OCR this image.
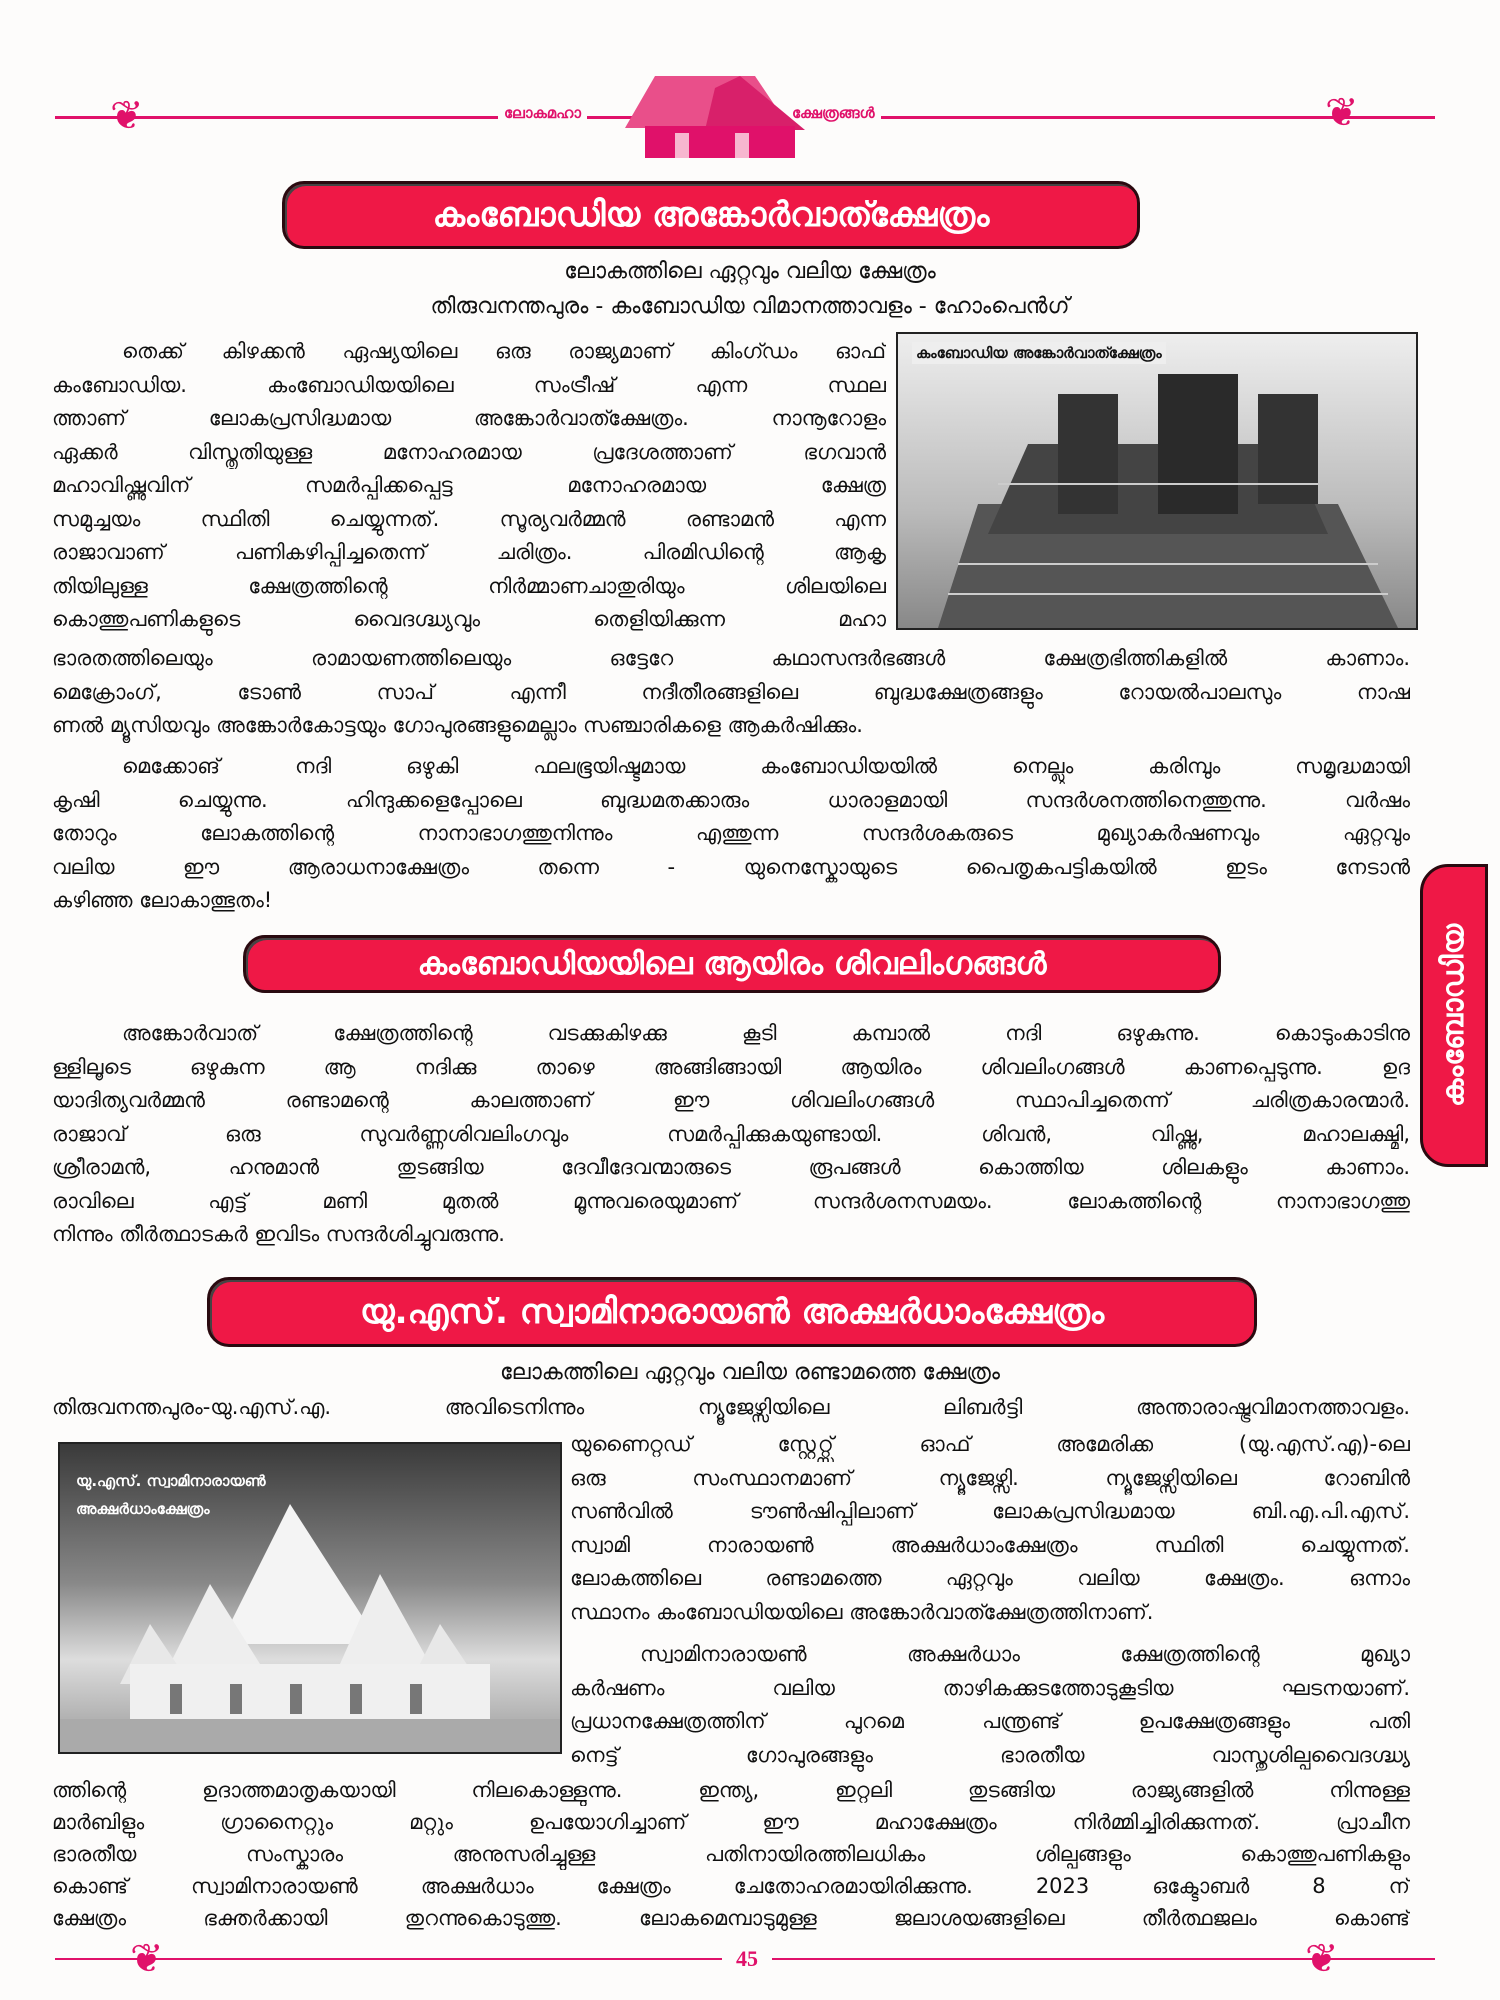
❦	❦
ലോകമഹാ	ക്ഷേത്രങ്ങൾ
കംബോഡിയ അങ്കോർവാത്ക്ഷേത്രം
ലോകത്തിലെ ഏറ്റവും വലിയ ക്ഷേത്രം
തിരുവനന്തപുരം - കംബോഡിയ വിമാനത്താവളം - ഹോംപെൻഗ്
കംബോഡിയ അങ്കോർവാത്ക്ഷേത്രം
തെക്ക് കിഴക്കൻ ഏഷ്യയിലെ ഒരു രാജ്യമാണ് കിംഗ്ഡം ഓഫ്
കംബോഡിയ. കംബോഡിയയിലെ സംട്രീഷ് എന്ന സ്ഥല
ത്താണ് ലോകപ്രസിദ്ധമായ അങ്കോർവാത്ക്ഷേത്രം. നാനൂറോളം
ഏക്കർ വിസ്തൃതിയുള്ള മനോഹരമായ പ്രദേശത്താണ് ഭഗവാൻ
മഹാവിഷ്ണുവിന് സമർപ്പിക്കപ്പെട്ട മനോഹരമായ ക്ഷേത്ര
സമുച്ചയം സ്ഥിതി ചെയ്യുന്നത്. സൂര്യവർമ്മൻ രണ്ടാമൻ എന്ന
രാജാവാണ് പണികഴിപ്പിച്ചതെന്ന് ചരിത്രം. പിരമിഡിന്റെ ആകൃ
തിയിലുള്ള ക്ഷേത്രത്തിന്റെ നിർമ്മാണചാതുരിയും ശിലയിലെ
കൊത്തുപണികളുടെ വൈദഗ്ദ്ധ്യവും തെളിയിക്കുന്ന മഹാ
ഭാരതത്തിലെയും രാമായണത്തിലെയും ഒട്ടേറേ കഥാസന്ദർഭങ്ങൾ ക്ഷേത്രഭിത്തികളിൽ കാണാം.
മെക്രോംഗ്, ടോൺ സാപ് എന്നീ നദീതീരങ്ങളിലെ ബുദ്ധക്ഷേത്രങ്ങളും റോയൽപാലസും നാഷ
ണൽ മ്യൂസിയവും അങ്കോർകോട്ടയും ഗോപുരങ്ങളുമെല്ലാം സഞ്ചാരികളെ ആകർഷിക്കും.
മെക്കോങ് നദി ഒഴുകി ഫലഭൂയിഷ്ടമായ കംബോഡിയയിൽ നെല്ലും കരിമ്പും സമൃദ്ധമായി
കൃഷി ചെയ്യുന്നു. ഹിന്ദുക്കളെപ്പോലെ ബുദ്ധമതക്കാരും ധാരാളമായി സന്ദർശനത്തിനെത്തുന്നു. വർഷം
തോറും ലോകത്തിന്റെ നാനാഭാഗത്തുനിന്നും എത്തുന്ന സന്ദർശകരുടെ മുഖ്യാകർഷണവും ഏറ്റവും
വലിയ ഈ ആരാധനാക്ഷേത്രം തന്നെ - യുനെസ്കോയുടെ പൈതൃകപട്ടികയിൽ ഇടം നേടാൻ
കഴിഞ്ഞ ലോകാത്ഭുതം!
കംബോഡിയയിലെ ആയിരം ശിവലിംഗങ്ങൾ
അങ്കോർവാത് ക്ഷേത്രത്തിന്റെ വടക്കുകിഴക്കു കൂടി കമ്പാൽ നദി ഒഴുകുന്നു. കൊടുംകാടിനു
ള്ളിലൂടെ ഒഴുകുന്ന ആ നദിക്കു താഴെ അങ്ങിങ്ങായി ആയിരം ശിവലിംഗങ്ങൾ കാണപ്പെടുന്നു. ഉദ
യാദിത്യവർമ്മൻ രണ്ടാമന്റെ കാലത്താണ് ഈ ശിവലിംഗങ്ങൾ സ്ഥാപിച്ചതെന്ന് ചരിത്രകാരന്മാർ.
രാജാവ് ഒരു സുവർണ്ണശിവലിംഗവും സമർപ്പിക്കുകയുണ്ടായി. ശിവൻ, വിഷ്ണു, മഹാലക്ഷ്മി,
ശ്രീരാമൻ, ഹനുമാൻ തുടങ്ങിയ ദേവീദേവന്മാരുടെ രൂപങ്ങൾ കൊത്തിയ ശിലകളും കാണാം.
രാവിലെ എട്ട് മണി മുതൽ മൂന്നുവരെയുമാണ് സന്ദർശനസമയം. ലോകത്തിന്റെ നാനാഭാഗത്തു
നിന്നും തീർത്ഥാടകർ ഇവിടം സന്ദർശിച്ചുവരുന്നു.
കംബോഡിയ
യു.എസ്. സ്വാമിനാരായൺ അക്ഷർധാംക്ഷേത്രം
ലോകത്തിലെ ഏറ്റവും വലിയ രണ്ടാമത്തെ ക്ഷേത്രം
തിരുവനന്തപുരം-യു.എസ്.എ. അവിടെനിന്നും ന്യൂജേഴ്സിയിലെ ലിബർട്ടി അന്താരാഷ്ട്രവിമാനത്താവളം.
യു.എസ്. സ്വാമിനാരായൺ
അക്ഷർധാംക്ഷേത്രം
യുണൈറ്റഡ് സ്റ്റേറ്റ്സ് ഓഫ് അമേരിക്ക (യു.എസ്.എ)-ലെ
ഒരു സംസ്ഥാനമാണ് ന്യൂജേഴ്സി. ന്യൂജേഴ്സിയിലെ റോബിൻ
സൺവിൽ ടൗൺഷിപ്പിലാണ് ലോകപ്രസിദ്ധമായ ബി.എ.പി.എസ്.
സ്വാമി നാരായൺ അക്ഷർധാംക്ഷേത്രം സ്ഥിതി ചെയ്യുന്നത്.
ലോകത്തിലെ രണ്ടാമത്തെ ഏറ്റവും വലിയ ക്ഷേത്രം. ഒന്നാം
സ്ഥാനം കംബോഡിയയിലെ അങ്കോർവാത്ക്ഷേത്രത്തിനാണ്.
സ്വാമിനാരായൺ അക്ഷർധാം ക്ഷേത്രത്തിന്റെ മുഖ്യാ
കർഷണം വലിയ താഴികക്കുടത്തോടുകൂടിയ ഘടനയാണ്.
പ്രധാനക്ഷേത്രത്തിന് പുറമെ പന്ത്രണ്ട് ഉപക്ഷേത്രങ്ങളും പതി
നെട്ട് ഗോപുരങ്ങളും ഭാരതീയ വാസ്തുശില്പവൈദഗ്ദ്ധ്യ
ത്തിന്റെ ഉദാത്തമാതൃകയായി നിലകൊള്ളുന്നു. ഇന്ത്യ, ഇറ്റലി തുടങ്ങിയ രാജ്യങ്ങളിൽ നിന്നുള്ള
മാർബിളും ഗ്രാനൈറ്റും മറ്റും ഉപയോഗിച്ചാണ് ഈ മഹാക്ഷേത്രം നിർമ്മിച്ചിരിക്കുന്നത്. പ്രാചീന
ഭാരതീയ സംസ്കാരം അനുസരിച്ചുള്ള പതിനായിരത്തിലധികം ശില്പങ്ങളും കൊത്തുപണികളും
കൊണ്ട് സ്വാമിനാരായൺ അക്ഷർധാം ക്ഷേത്രം ചേതോഹരമായിരിക്കുന്നു. 2023 ഒക്ടോബർ 8 ന്
ക്ഷേത്രം ഭക്തർക്കായി തുറന്നുകൊടുത്തു. ലോകമെമ്പാടുമുള്ള ജലാശയങ്ങളിലെ തീർത്ഥജലം കൊണ്ട്
❦	❦
45
